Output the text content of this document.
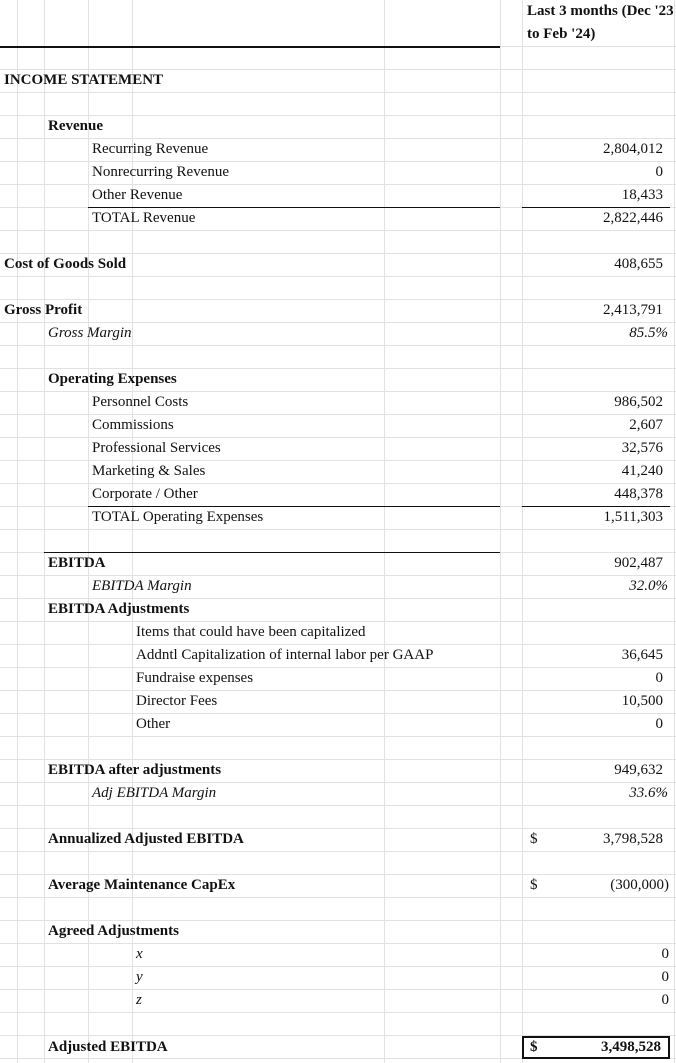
Last 3 months (Dec '23 to Feb '24)
INCOME STATEMENT
Revenue
Recurring Revenue	2,804,012
Nonrecurring Revenue	0
Other Revenue	18,433
TOTAL Revenue	2,822,446
Cost of Goods Sold	408,655
Gross Profit	2,413,791
Gross Margin	85.5%
Operating Expenses
Personnel Costs	986,502
Commissions	2,607
Professional Services	32,576
Marketing & Sales	41,240
Corporate / Other	448,378
TOTAL Operating Expenses	1,511,303
EBITDA	902,487
EBITDA Margin	32.0%
EBITDA Adjustments
Items that could have been capitalized
Addntl Capitalization of internal labor per GAAP	36,645
Fundraise expenses	0
Director Fees	10,500
Other	0
EBITDA after adjustments	949,632
Adj EBITDA Margin	33.6%
Annualized Adjusted EBITDA	$	3,798,528
Average Maintenance CapEx	$	(300,000)
Agreed Adjustments
x	0
y	0
z	0
Adjusted EBITDA	$	3,498,528
